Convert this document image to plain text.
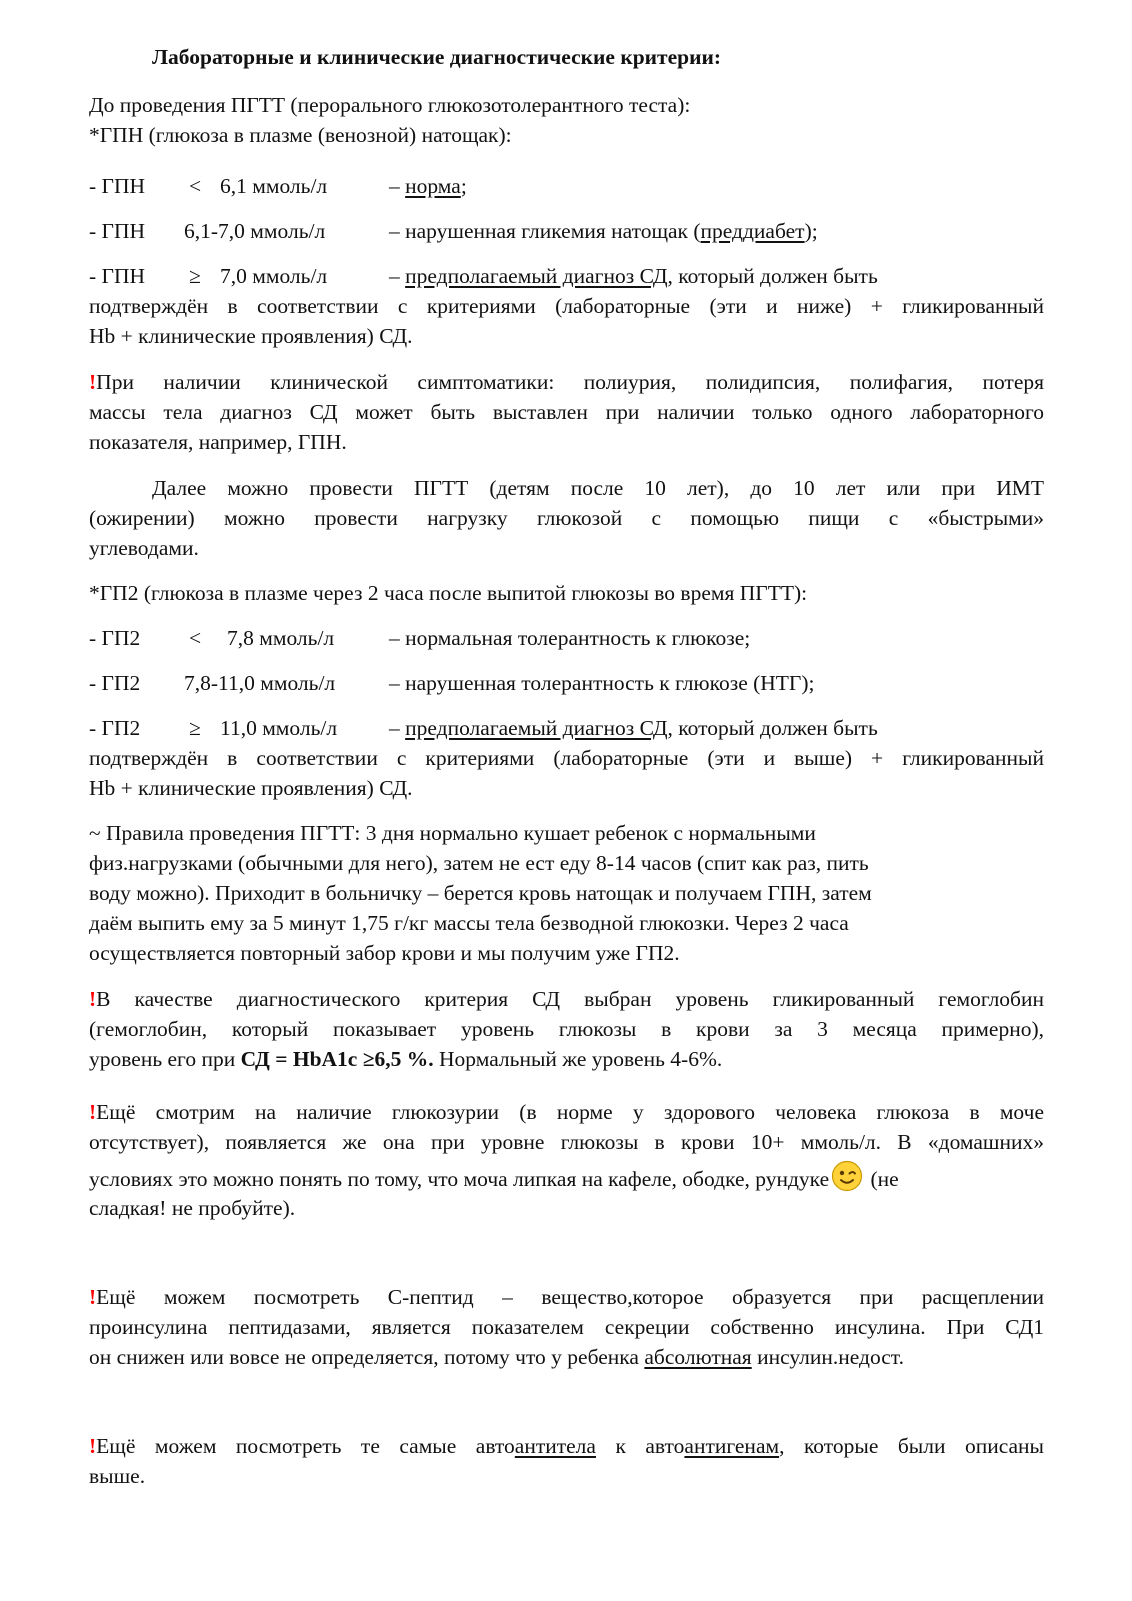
Лабораторные и клинические диагностические критерии:
До проведения ПГТТ (перорального глюкозотолерантного теста):
*ГПН (глюкоза в плазме (венозной) натощак):
- ГПН < 6,1 ммоль/л	– норма;
- ГПН 6,1-7,0 ммоль/л	– нарушенная гликемия натощак (преддиабет);
- ГПН ≥ 7,0 ммоль/л	– предполагаемый диагноз СД, который должен быть
подтверждён в соответствии с критериями (лабораторные (эти и ниже) + гликированный
Hb + клинические проявления) СД.
!При наличии клинической симптоматики: полиурия, полидипсия, полифагия, потеря
массы тела диагноз СД может быть выставлен при наличии только одного лабораторного
показателя, например, ГПН.
Далее можно провести ПГТТ (детям после 10 лет), до 10 лет или при ИМТ
(ожирении) можно провести нагрузку глюкозой с помощью пищи с «быстрыми»
углеводами.
*ГП2 (глюкоза в плазме через 2 часа после выпитой глюкозы во время ПГТТ):
- ГП2 < 7,8 ммоль/л	– нормальная толерантность к глюкозе;
- ГП2 7,8-11,0 ммоль/л	– нарушенная толерантность к глюкозе (НТГ);
- ГП2 ≥ 11,0 ммоль/л – предполагаемый диагноз СД, который должен быть
подтверждён в соответствии с критериями (лабораторные (эти и выше) + гликированный
Hb + клинические проявления) СД.
~ Правила проведения ПГТТ: 3 дня нормально кушает ребенок с нормальными
физ.нагрузками (обычными для него), затем не ест еду 8-14 часов (спит как раз, пить
воду можно). Приходит в больничку – берется кровь натощак и получаем ГПН, затем
даём выпить ему за 5 минут 1,75 г/кг массы тела безводной глюкозки. Через 2 часа
осуществляется повторный забор крови и мы получим уже ГП2.
!В качестве диагностического критерия СД выбран уровень гликированный гемоглобин
(гемоглобин, который показывает уровень глюкозы в крови за 3 месяца примерно),
уровень его при СД = HbA1c ≥6,5 %. Нормальный же уровень 4-6%.
!Ещё смотрим на наличие глюкозурии (в норме у здорового человека глюкоза в моче
отсутствует), появляется же она при уровне глюкозы в крови 10+ ммоль/л. В «домашних»
условиях это можно понять по тому, что моча липкая на кафеле, ободке, рундуке (не
сладкая! не пробуйте).
!Ещё можем посмотреть С-пептид – вещество,которое образуется при расщеплении
проинсулина пептидазами, является показателем секреции собственно инсулина. При СД1
он снижен или вовсе не определяется, потому что у ребенка абсолютная инсулин.недост.
!Ещё можем посмотреть те самые автоантитела к автоантигенам, которые были описаны
выше.
